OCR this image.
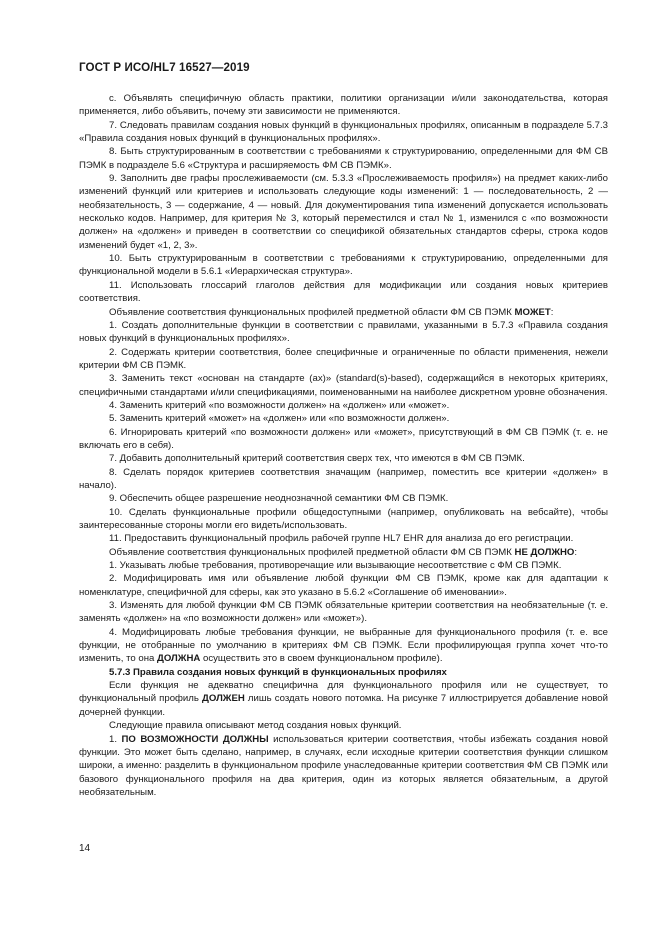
ГОСТ Р ИСО/HL7 16527—2019

c. Объявлять специфичную область практики, политики организации и/или законодательства, которая применяется, либо объявить, почему эти зависимости не применяются.

7. Следовать правилам создания новых функций в функциональных профилях, описанным в подразделе 5.7.3 «Правила создания новых функций в функциональных профилях».

8. Быть структурированным в соответствии с требованиями к структурированию, определенными для ФМ СВ ПЭМК в подразделе 5.6 «Структура и расширяемость ФМ СВ ПЭМК».

9. Заполнить две графы прослеживаемости (см. 5.3.3 «Прослеживаемость профиля») на предмет каких-либо изменений функций или критериев и использовать следующие коды изменений: 1 — последовательность, 2 — необязательность, 3 — содержание, 4 — новый. Для документирования типа изменений допускается использовать несколько кодов. Например, для критерия № 3, который переместился и стал № 1, изменился с «по возможности должен» на «должен» и приведен в соответствии со спецификой обязательных стандартов сферы, строка кодов изменений будет «1, 2, 3».

10. Быть структурированным в соответствии с требованиями к структурированию, определенными для функциональной модели в 5.6.1 «Иерархическая структура».

11. Использовать глоссарий глаголов действия для модификации или создания новых критериев соответствия.

Объявление соответствия функциональных профилей предметной области ФМ СВ ПЭМК МОЖЕТ:

1. Создать дополнительные функции в соответствии с правилами, указанными в 5.7.3 «Правила создания новых функций в функциональных профилях».

2. Содержать критерии соответствия, более специфичные и ограниченные по области применения, нежели критерии ФМ СВ ПЭМК.

3. Заменить текст «основан на стандарте (ах)» (standard(s)-based), содержащийся в некоторых критериях, специфичными стандартами и/или спецификациями, поименованными на наиболее дискретном уровне обозначения.

4. Заменить критерий «по возможности должен» на «должен» или «может».

5. Заменить критерий «может» на «должен» или «по возможности должен».

6. Игнорировать критерий «по возможности должен» или «может», присутствующий в ФМ СВ ПЭМК (т. е. не включать его в себя).

7. Добавить дополнительный критерий соответствия сверх тех, что имеются в ФМ СВ ПЭМК.

8. Сделать порядок критериев соответствия значащим (например, поместить все критерии «должен» в начало).

9. Обеспечить общее разрешение неоднозначной семантики ФМ СВ ПЭМК.

10. Сделать функциональные профили общедоступными (например, опубликовать на вебсайте), чтобы заинтересованные стороны могли его видеть/использовать.

11. Предоставить функциональный профиль рабочей группе HL7 EHR для анализа до его регистрации.

Объявление соответствия функциональных профилей предметной области ФМ СВ ПЭМК НЕ ДОЛЖНО:

1. Указывать любые требования, противоречащие или вызывающие несоответствие с ФМ СВ ПЭМК.

2. Модифицировать имя или объявление любой функции ФМ СВ ПЭМК, кроме как для адаптации к номенклатуре, специфичной для сферы, как это указано в 5.6.2 «Соглашение об именовании».

3. Изменять для любой функции ФМ СВ ПЭМК обязательные критерии соответствия на необязательные (т. е. заменять «должен» на «по возможности должен» или «может»).

4. Модифицировать любые требования функции, не выбранные для функционального профиля (т. е. все функции, не отобранные по умолчанию в критериях ФМ СВ ПЭМК. Если профилирующая группа хочет что-то изменить, то она ДОЛЖНА осуществить это в своем функциональном профиле).

5.7.3 Правила создания новых функций в функциональных профилях

Если функция не адекватно специфична для функционального профиля или не существует, то функциональный профиль ДОЛЖЕН лишь создать нового потомка. На рисунке 7 иллюстрируется добавление новой дочерней функции.

Следующие правила описывают метод создания новых функций.

1. ПО ВОЗМОЖНОСТИ ДОЛЖНЫ использоваться критерии соответствия, чтобы избежать создания новой функции. Это может быть сделано, например, в случаях, если исходные критерии соответствия функции слишком широки, а именно: разделить в функциональном профиле унаследованные критерии соответствия ФМ СВ ПЭМК или базового функционального профиля на два критерия, один из которых является обязательным, а другой необязательным.

14
